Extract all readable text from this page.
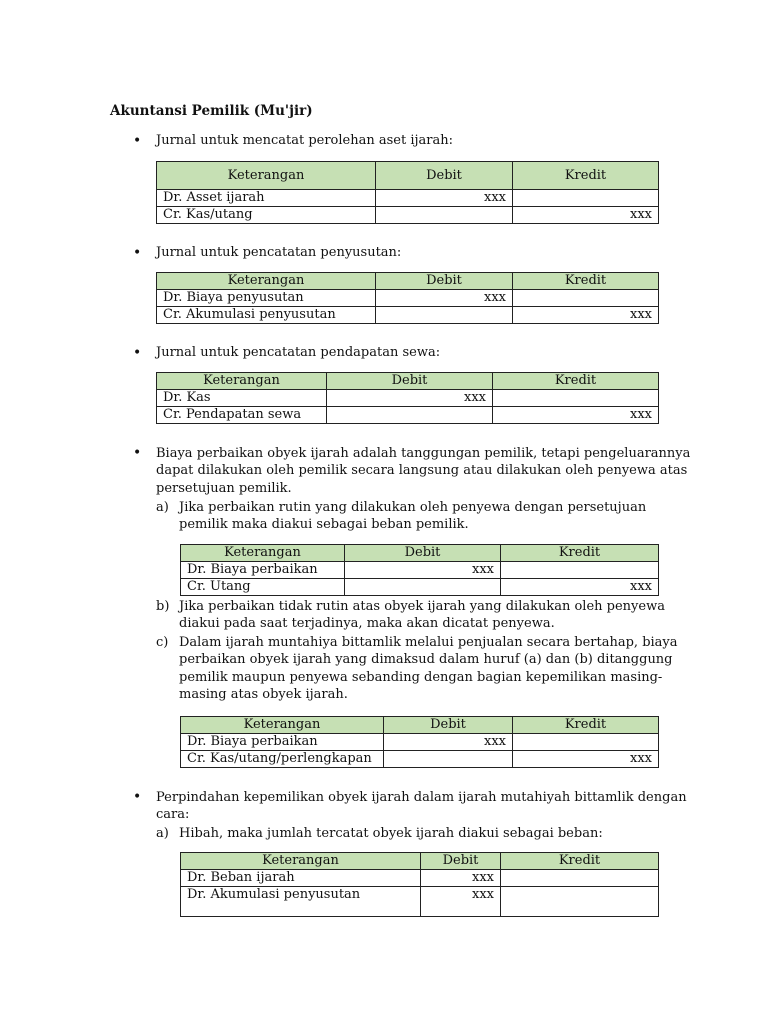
Akuntansi Pemilik (Mu'jir)
• Jurnal untuk mencatat perolehan aset ijarah:
Keterangan	Debit	Kredit
Dr. Asset ijarah	xxx	
Cr. Kas/utang		xxx
• Jurnal untuk pencatatan penyusutan:
Keterangan	Debit	Kredit
Dr. Biaya penyusutan	xxx	
Cr. Akumulasi penyusutan		xxx
• Jurnal untuk pencatatan pendapatan sewa:
Keterangan	Debit	Kredit
Dr. Kas	xxx	
Cr. Pendapatan sewa		xxx
• Biaya perbaikan obyek ijarah adalah tanggungan pemilik, tetapi pengeluarannya
dapat dilakukan oleh pemilik secara langsung atau dilakukan oleh penyewa atas
persetujuan pemilik.
a) Jika perbaikan rutin yang dilakukan oleh penyewa dengan persetujuan
pemilik maka diakui sebagai beban pemilik.
Keterangan	Debit	Kredit
Dr. Biaya perbaikan	xxx	
Cr. Utang		xxx
b) Jika perbaikan tidak rutin atas obyek ijarah yang dilakukan oleh penyewa
diakui pada saat terjadinya, maka akan dicatat penyewa.
c) Dalam ijarah muntahiya bittamlik melalui penjualan secara bertahap, biaya
perbaikan obyek ijarah yang dimaksud dalam huruf (a) dan (b) ditanggung
pemilik maupun penyewa sebanding dengan bagian kepemilikan masing-
masing atas obyek ijarah.
Keterangan	Debit	Kredit
Dr. Biaya perbaikan	xxx	
Cr. Kas/utang/perlengkapan		xxx
• Perpindahan kepemilikan obyek ijarah dalam ijarah mutahiyah bittamlik dengan
cara:
a) Hibah, maka jumlah tercatat obyek ijarah diakui sebagai beban:
Keterangan	Debit	Kredit
Dr. Beban ijarah	xxx	
Dr. Akumulasi penyusutan	xxx	
